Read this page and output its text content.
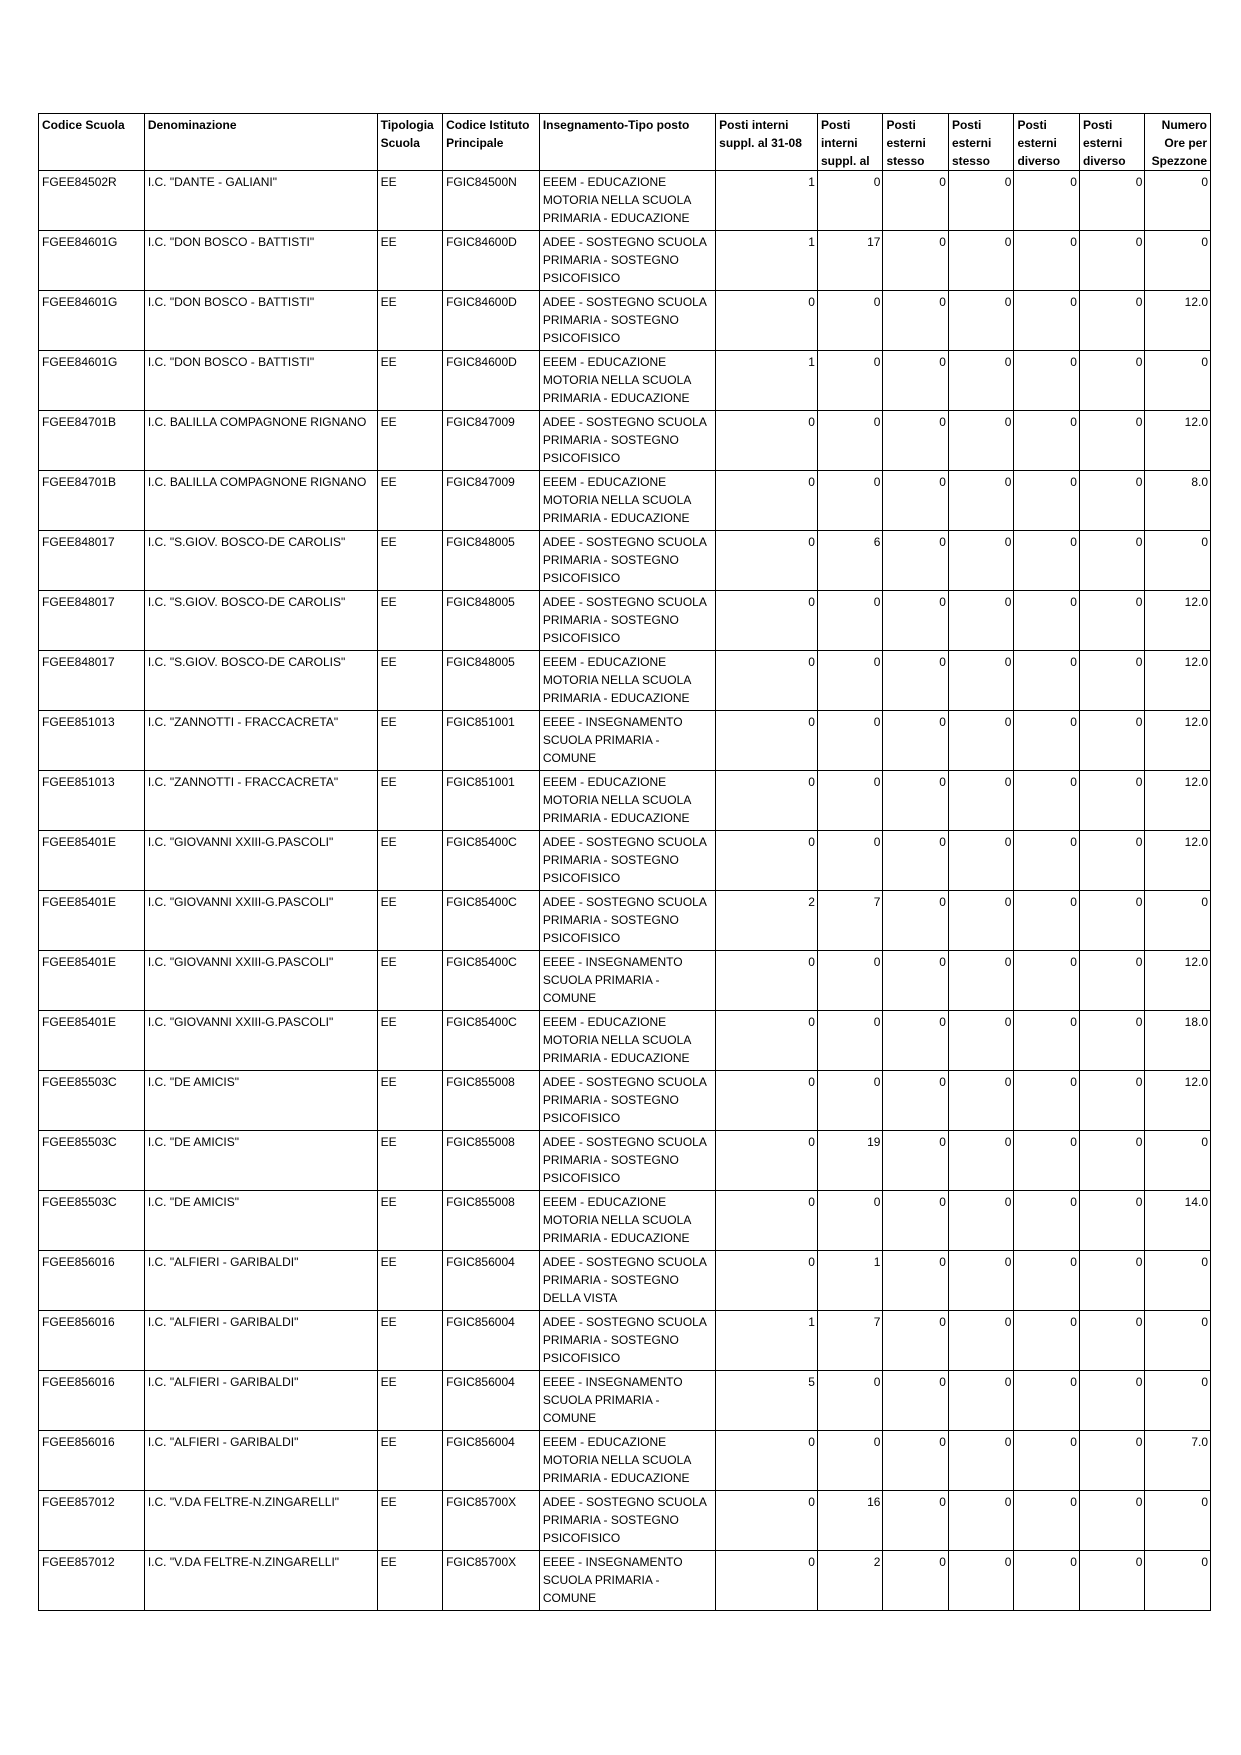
Codice Scuola	Denominazione	Tipologia Scuola	Codice Istituto Principale	Insegnamento-Tipo posto	Posti interni suppl. al 31-08	Posti interni suppl. al	Posti esterni stesso	Posti esterni stesso	Posti esterni diverso	Posti esterni diverso	Numero Ore per Spezzone
FGEE84502R	I.C. "DANTE - GALIANI"	EE	FGIC84500N	EEEM - EDUCAZIONE MOTORIA NELLA SCUOLA PRIMARIA - EDUCAZIONE	1	0	0	0	0	0	0
FGEE84601G	I.C. "DON BOSCO - BATTISTI"	EE	FGIC84600D	ADEE - SOSTEGNO SCUOLA PRIMARIA - SOSTEGNO PSICOFISICO	1	17	0	0	0	0	0
FGEE84601G	I.C. "DON BOSCO - BATTISTI"	EE	FGIC84600D	ADEE - SOSTEGNO SCUOLA PRIMARIA - SOSTEGNO PSICOFISICO	0	0	0	0	0	0	12.0
FGEE84601G	I.C. "DON BOSCO - BATTISTI"	EE	FGIC84600D	EEEM - EDUCAZIONE MOTORIA NELLA SCUOLA PRIMARIA - EDUCAZIONE	1	0	0	0	0	0	0
FGEE84701B	I.C. BALILLA COMPAGNONE RIGNANO	EE	FGIC847009	ADEE - SOSTEGNO SCUOLA PRIMARIA - SOSTEGNO PSICOFISICO	0	0	0	0	0	0	12.0
FGEE84701B	I.C. BALILLA COMPAGNONE RIGNANO	EE	FGIC847009	EEEM - EDUCAZIONE MOTORIA NELLA SCUOLA PRIMARIA - EDUCAZIONE	0	0	0	0	0	0	8.0
FGEE848017	I.C. "S.GIOV. BOSCO-DE CAROLIS"	EE	FGIC848005	ADEE - SOSTEGNO SCUOLA PRIMARIA - SOSTEGNO PSICOFISICO	0	6	0	0	0	0	0
FGEE848017	I.C. "S.GIOV. BOSCO-DE CAROLIS"	EE	FGIC848005	ADEE - SOSTEGNO SCUOLA PRIMARIA - SOSTEGNO PSICOFISICO	0	0	0	0	0	0	12.0
FGEE848017	I.C. "S.GIOV. BOSCO-DE CAROLIS"	EE	FGIC848005	EEEM - EDUCAZIONE MOTORIA NELLA SCUOLA PRIMARIA - EDUCAZIONE	0	0	0	0	0	0	12.0
FGEE851013	I.C. "ZANNOTTI - FRACCACRETA"	EE	FGIC851001	EEEE - INSEGNAMENTO SCUOLA PRIMARIA - COMUNE	0	0	0	0	0	0	12.0
FGEE851013	I.C. "ZANNOTTI - FRACCACRETA"	EE	FGIC851001	EEEM - EDUCAZIONE MOTORIA NELLA SCUOLA PRIMARIA - EDUCAZIONE	0	0	0	0	0	0	12.0
FGEE85401E	I.C. "GIOVANNI XXIII-G.PASCOLI"	EE	FGIC85400C	ADEE - SOSTEGNO SCUOLA PRIMARIA - SOSTEGNO PSICOFISICO	0	0	0	0	0	0	12.0
FGEE85401E	I.C. "GIOVANNI XXIII-G.PASCOLI"	EE	FGIC85400C	ADEE - SOSTEGNO SCUOLA PRIMARIA - SOSTEGNO PSICOFISICO	2	7	0	0	0	0	0
FGEE85401E	I.C. "GIOVANNI XXIII-G.PASCOLI"	EE	FGIC85400C	EEEE - INSEGNAMENTO SCUOLA PRIMARIA - COMUNE	0	0	0	0	0	0	12.0
FGEE85401E	I.C. "GIOVANNI XXIII-G.PASCOLI"	EE	FGIC85400C	EEEM - EDUCAZIONE MOTORIA NELLA SCUOLA PRIMARIA - EDUCAZIONE	0	0	0	0	0	0	18.0
FGEE85503C	I.C. "DE AMICIS"	EE	FGIC855008	ADEE - SOSTEGNO SCUOLA PRIMARIA - SOSTEGNO PSICOFISICO	0	0	0	0	0	0	12.0
FGEE85503C	I.C. "DE AMICIS"	EE	FGIC855008	ADEE - SOSTEGNO SCUOLA PRIMARIA - SOSTEGNO PSICOFISICO	0	19	0	0	0	0	0
FGEE85503C	I.C. "DE AMICIS"	EE	FGIC855008	EEEM - EDUCAZIONE MOTORIA NELLA SCUOLA PRIMARIA - EDUCAZIONE	0	0	0	0	0	0	14.0
FGEE856016	I.C. "ALFIERI - GARIBALDI"	EE	FGIC856004	ADEE - SOSTEGNO SCUOLA PRIMARIA - SOSTEGNO DELLA VISTA	0	1	0	0	0	0	0
FGEE856016	I.C. "ALFIERI - GARIBALDI"	EE	FGIC856004	ADEE - SOSTEGNO SCUOLA PRIMARIA - SOSTEGNO PSICOFISICO	1	7	0	0	0	0	0
FGEE856016	I.C. "ALFIERI - GARIBALDI"	EE	FGIC856004	EEEE - INSEGNAMENTO SCUOLA PRIMARIA - COMUNE	5	0	0	0	0	0	0
FGEE856016	I.C. "ALFIERI - GARIBALDI"	EE	FGIC856004	EEEM - EDUCAZIONE MOTORIA NELLA SCUOLA PRIMARIA - EDUCAZIONE	0	0	0	0	0	0	7.0
FGEE857012	I.C. "V.DA FELTRE-N.ZINGARELLI"	EE	FGIC85700X	ADEE - SOSTEGNO SCUOLA PRIMARIA - SOSTEGNO PSICOFISICO	0	16	0	0	0	0	0
FGEE857012	I.C. "V.DA FELTRE-N.ZINGARELLI"	EE	FGIC85700X	EEEE - INSEGNAMENTO SCUOLA PRIMARIA - COMUNE	0	2	0	0	0	0	0
